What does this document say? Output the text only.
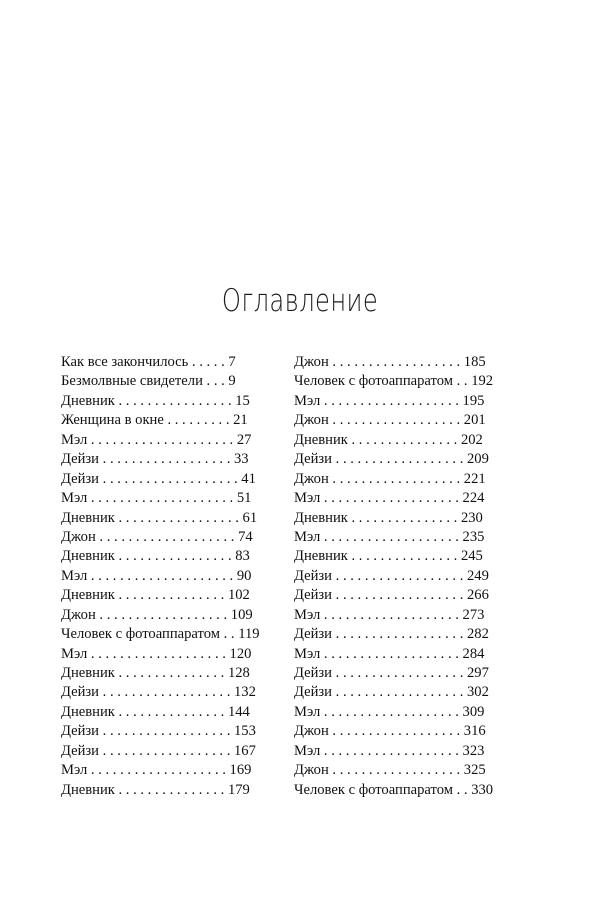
Оглавление
Как все закончилось . . . . . 7
Безмолвные свидетели . . . 9
Дневник . . . . . . . . . . . . . . . . 15
Женщина в окне . . . . . . . . . 21
Мэл . . . . . . . . . . . . . . . . . . . . 27
Дейзи . . . . . . . . . . . . . . . . . . 33
Дейзи . . . . . . . . . . . . . . . . . . . 41
Мэл . . . . . . . . . . . . . . . . . . . . 51
Дневник . . . . . . . . . . . . . . . . . 61
Джон . . . . . . . . . . . . . . . . . . . 74
Дневник . . . . . . . . . . . . . . . . 83
Мэл . . . . . . . . . . . . . . . . . . . . 90
Дневник . . . . . . . . . . . . . . . 102
Джон . . . . . . . . . . . . . . . . . . 109
Человек с фотоаппаратом . . 119
Мэл . . . . . . . . . . . . . . . . . . . 120
Дневник . . . . . . . . . . . . . . . 128
Дейзи . . . . . . . . . . . . . . . . . . 132
Дневник . . . . . . . . . . . . . . . 144
Дейзи . . . . . . . . . . . . . . . . . . 153
Дейзи . . . . . . . . . . . . . . . . . . 167
Мэл . . . . . . . . . . . . . . . . . . . 169
Дневник . . . . . . . . . . . . . . . 179
Джон . . . . . . . . . . . . . . . . . . 185
Человек с фотоаппаратом . . 192
Мэл . . . . . . . . . . . . . . . . . . . 195
Джон . . . . . . . . . . . . . . . . . . 201
Дневник . . . . . . . . . . . . . . . 202
Дейзи . . . . . . . . . . . . . . . . . . 209
Джон . . . . . . . . . . . . . . . . . . 221
Мэл . . . . . . . . . . . . . . . . . . . 224
Дневник . . . . . . . . . . . . . . . 230
Мэл . . . . . . . . . . . . . . . . . . . 235
Дневник . . . . . . . . . . . . . . . 245
Дейзи . . . . . . . . . . . . . . . . . . 249
Дейзи . . . . . . . . . . . . . . . . . . 266
Мэл . . . . . . . . . . . . . . . . . . . 273
Дейзи . . . . . . . . . . . . . . . . . . 282
Мэл . . . . . . . . . . . . . . . . . . . 284
Дейзи . . . . . . . . . . . . . . . . . . 297
Дейзи . . . . . . . . . . . . . . . . . . 302
Мэл . . . . . . . . . . . . . . . . . . . 309
Джон . . . . . . . . . . . . . . . . . . 316
Мэл . . . . . . . . . . . . . . . . . . . 323
Джон . . . . . . . . . . . . . . . . . . 325
Человек с фотоаппаратом . . 330
